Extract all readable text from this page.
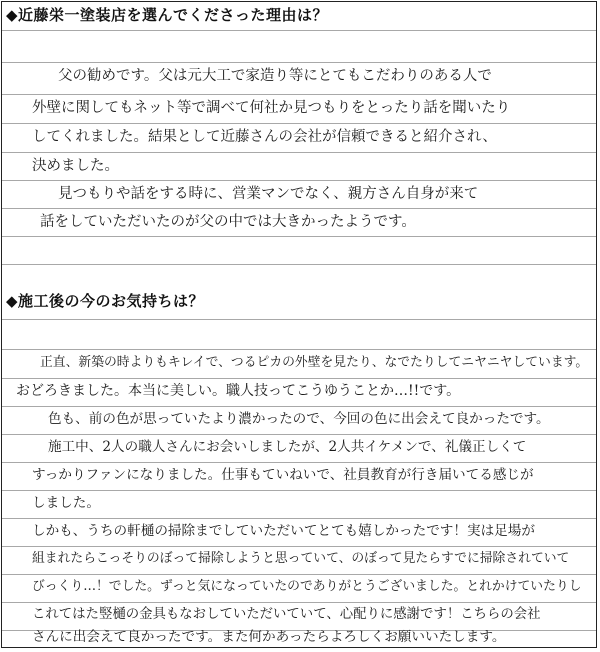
◆近藤栄一塗装店を選んでくださった理由は？
父の勧めです。父は元大工で家造り等にとてもこだわりのある人で
外壁に関してもネット等で調べて何社か見つもりをとったり話を聞いたり
してくれました。結果として近藤さんの会社が信頼できると紹介され、
決めました。
見つもりや話をする時に、営業マンでなく、親方さん自身が来て
話をしていただいたのが父の中では大きかったようです。
◆施工後の今のお気持ちは？
正直、新築の時よりもキレイで、つるピカの外壁を見たり、なでたりしてニヤニヤしています。
おどろきました。本当に美しい。職人技ってこうゆうことか…!!です。
色も、前の色が思っていたより濃かったので、今回の色に出会えて良かったです。
施工中、2人の職人さんにお会いしましたが、2人共イケメンで、礼儀正しくて
すっかりファンになりました。仕事もていねいで、社員教育が行き届いてる感じが
しました。
しかも、うちの軒樋の掃除までしていただいてとても嬉しかったです！実は足場が
組まれたらこっそりのぼって掃除しようと思っていて、のぼって見たらすでに掃除されていて
びっくり…！でした。ずっと気になっていたのでありがとうございました。とれかけていたりし
これてはた竪樋の金具もなおしていただいていて、心配りに感謝です！こちらの会社
さんに出会えて良かったです。また何かあったらよろしくお願いいたします。
